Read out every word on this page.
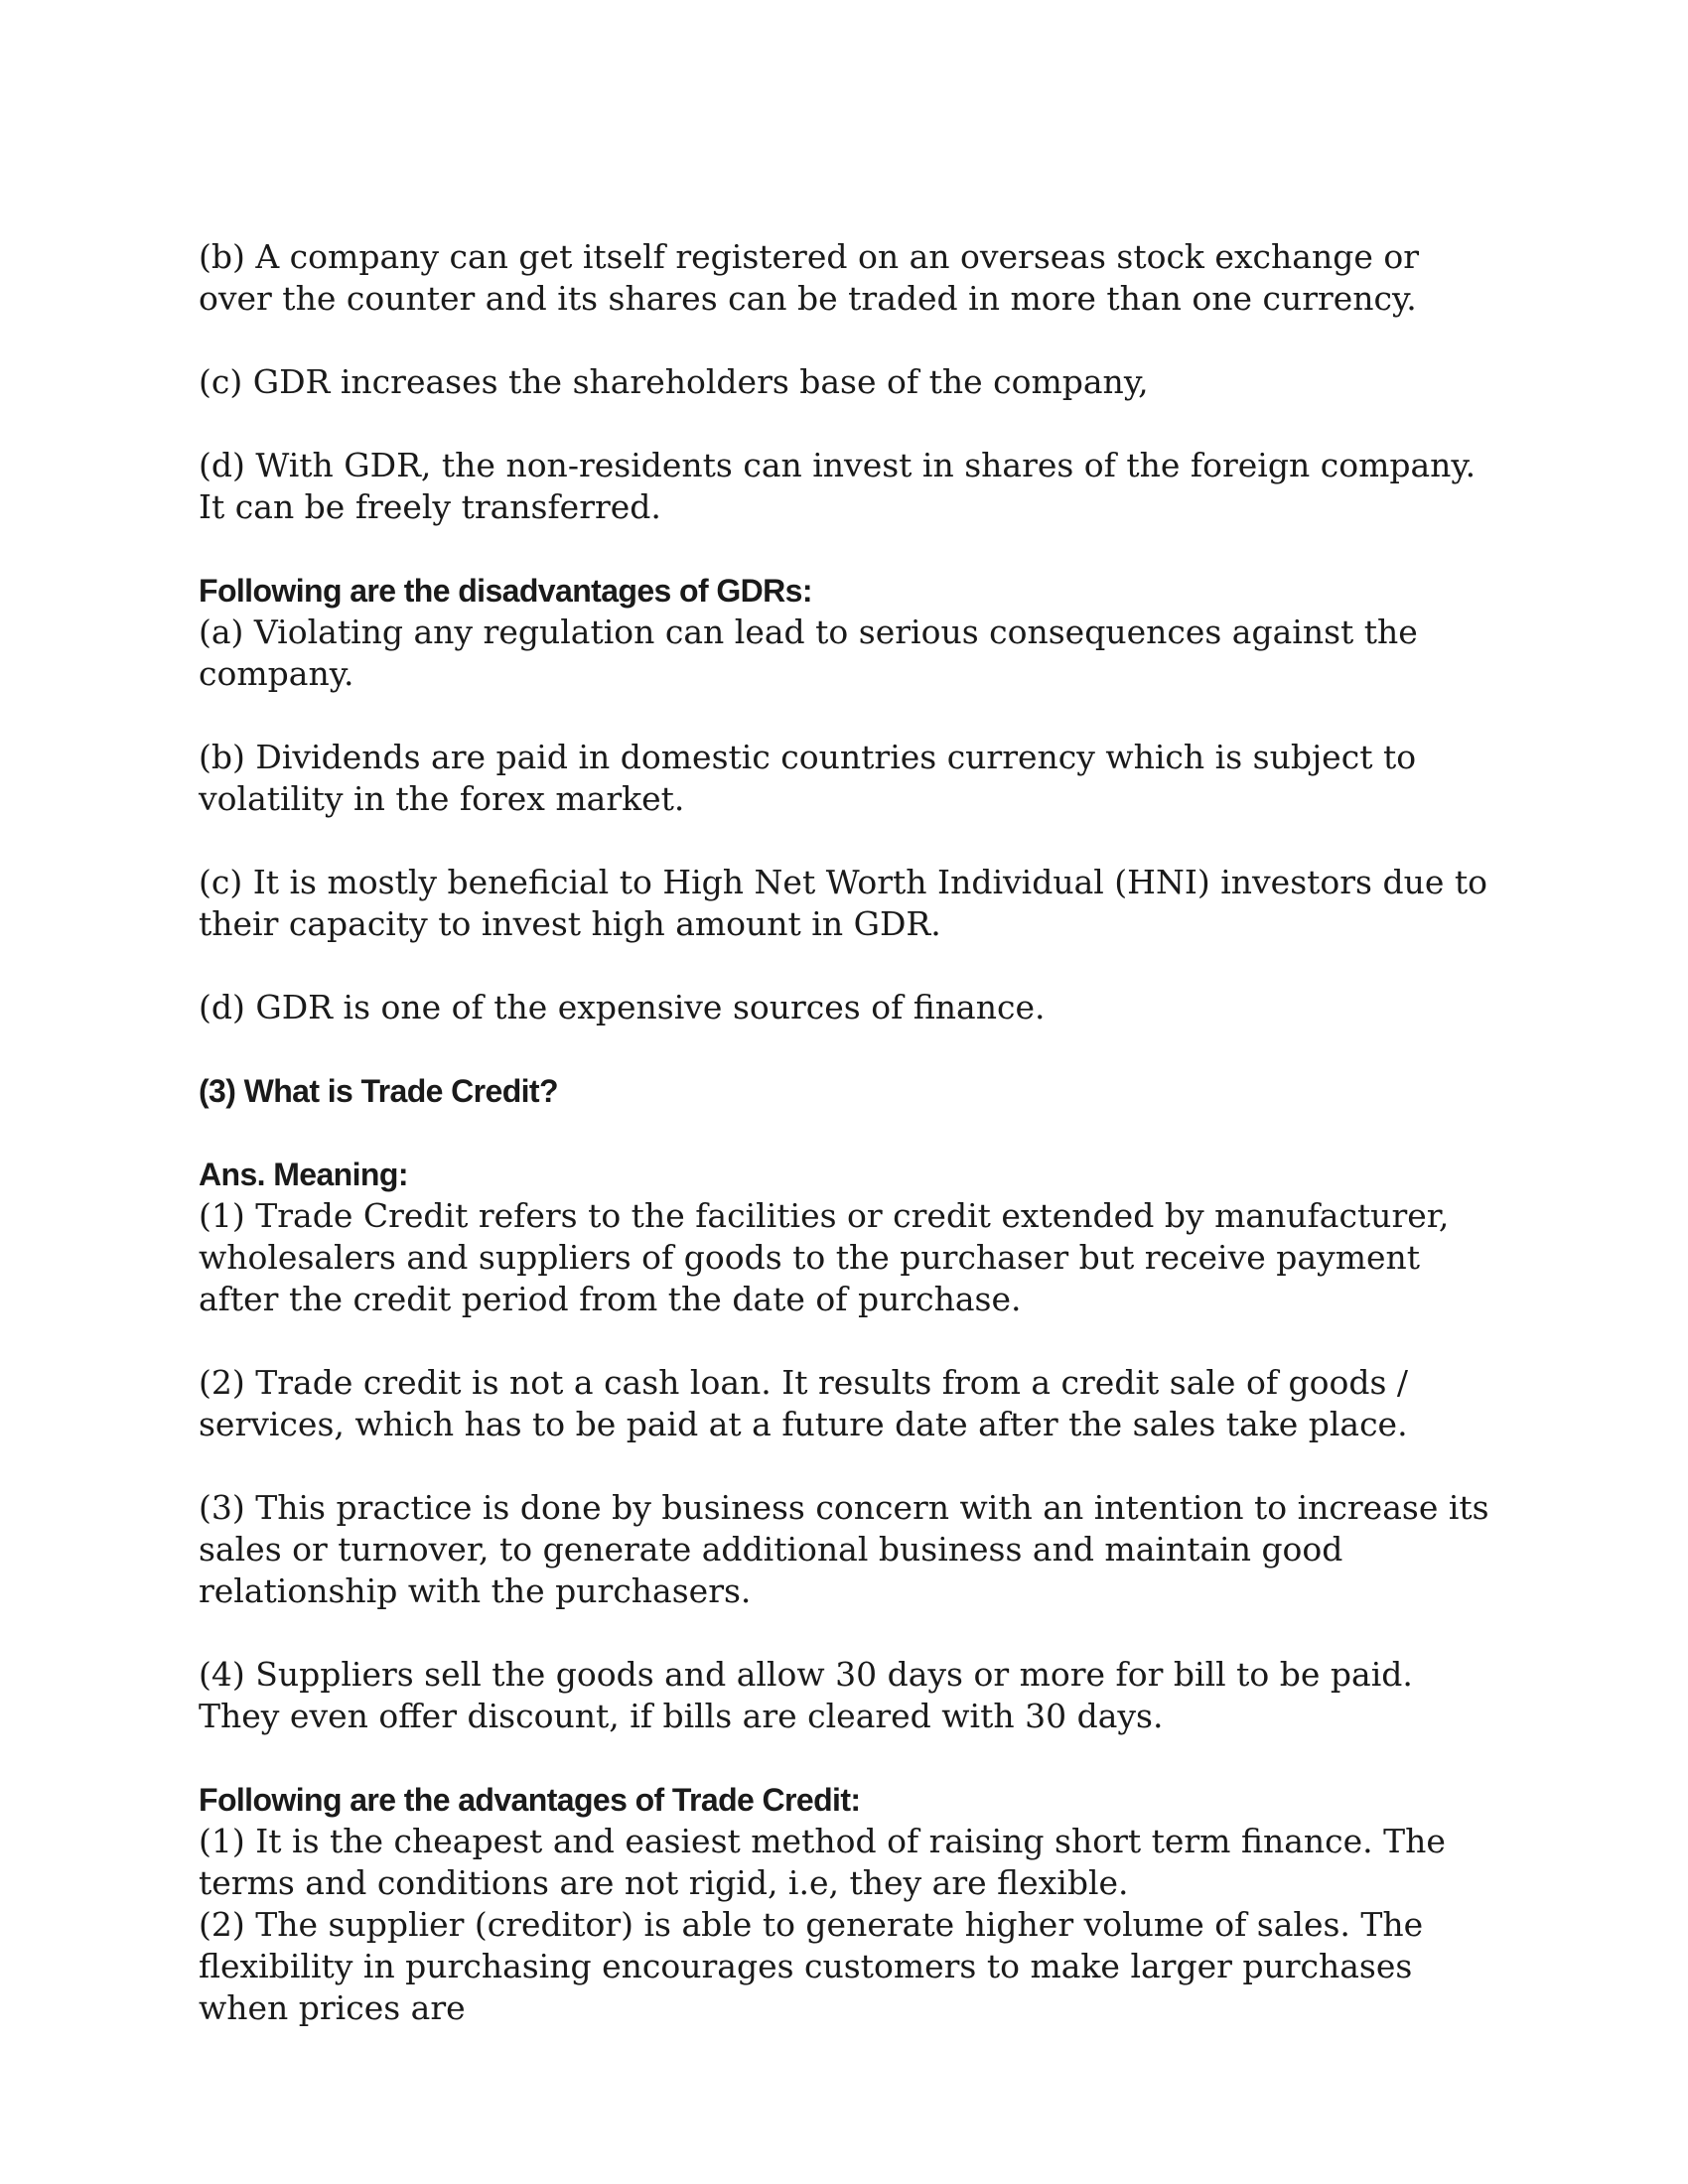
(b) A company can get itself registered on an overseas stock exchange or over the counter and its shares can be traded in more than one currency.

(c) GDR increases the shareholders base of the company,

(d) With GDR, the non-residents can invest in shares of the foreign company. It can be freely transferred.

Following are the disadvantages of GDRs:

(a) Violating any regulation can lead to serious consequences against the company.

(b) Dividends are paid in domestic countries currency which is subject to volatility in the forex market.

(c) It is mostly beneficial to High Net Worth Individual (HNI) investors due to their capacity to invest high amount in GDR.

(d) GDR is one of the expensive sources of finance.

(3) What is Trade Credit?

Ans. Meaning:

(1) Trade Credit refers to the facilities or credit extended by manufacturer, wholesalers and suppliers of goods to the purchaser but receive payment after the credit period from the date of purchase.

(2) Trade credit is not a cash loan. It results from a credit sale of goods / services, which has to be paid at a future date after the sales take place.

(3) This practice is done by business concern with an intention to increase its sales or turnover, to generate additional business and maintain good relationship with the purchasers.

(4) Suppliers sell the goods and allow 30 days or more for bill to be paid. They even offer discount, if bills are cleared with 30 days.

Following are the advantages of Trade Credit:

(1) It is the cheapest and easiest method of raising short term finance. The terms and conditions are not rigid, i.e, they are flexible.

(2) The supplier (creditor) is able to generate higher volume of sales. The flexibility in purchasing encourages customers to make larger purchases when prices are
